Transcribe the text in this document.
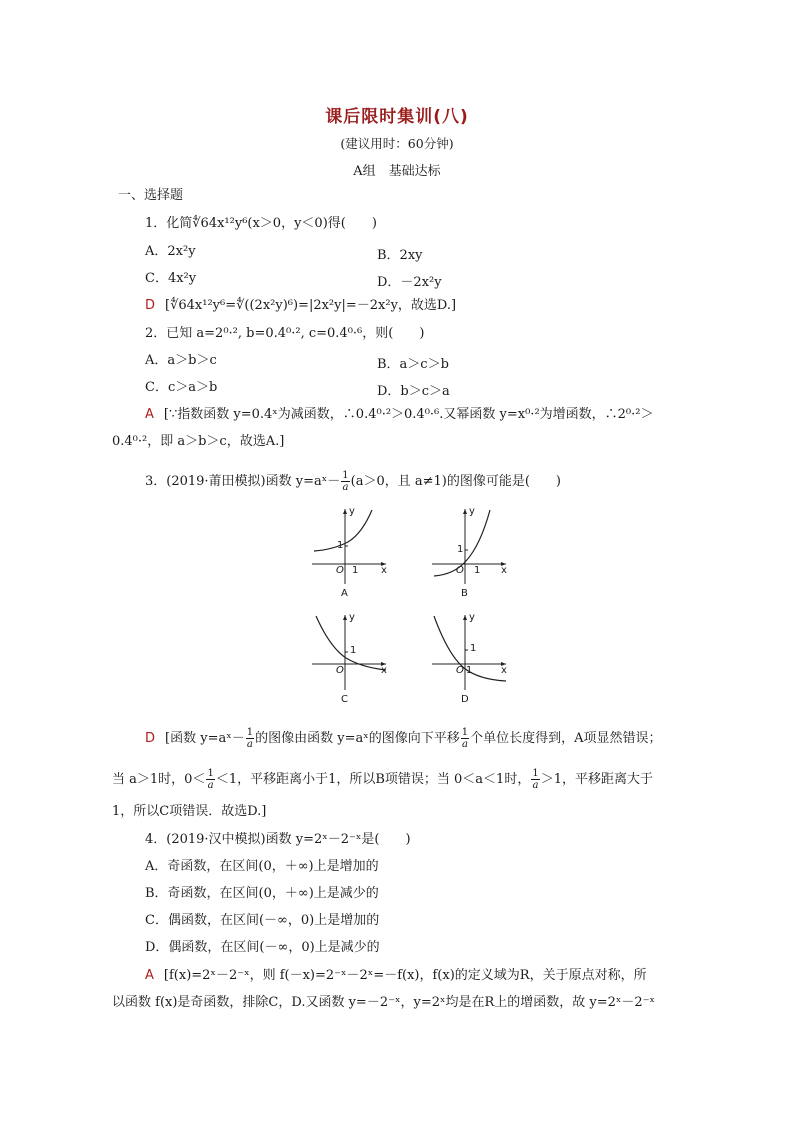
课后限时集训(八)
(建议用时：60分钟)
A组　基础达标
一、选择题
1．化简∜64x¹²y⁶(x＞0，y＜0)得(　　)
A．2x²y	B．2xy
C．4x²y	D．－2x²y
D [∜64x¹²y⁶=∜((2x²y)⁶)=|2x²y|=－2x²y，故选D.]
2．已知 a=2⁰·², b=0.4⁰·², c=0.4⁰·⁶，则(　　)
A．a＞b＞c	B．a＞c＞b
C．c＞a＞b	D．b＞c＞a
A [∵指数函数 y=0.4ˣ为减函数，∴0.4⁰·²＞0.4⁰·⁶.又幂函数 y=x⁰·²为增函数，∴2⁰·²＞
0.4⁰·²，即 a＞b＞c，故选A.]
3．(2019·莆田模拟)函数 y=aˣ－ $\frac{1}{a} (a>0$，且 a≠1)的图像可能是(　　)
y
x
O
1
1
A
y
x
O
1
1
B
y
x
O
1
C
y
x
O 1
1
D
D [函数 y=aˣ－ $\frac{1}{a}$ 的图像由函数 y=aˣ的图像向下平移 $\frac{1}{a}$ 个单位长度得到，A项显然错误；
当 a＞1时，$0< \frac{1}{a} <1$，平移距离小于1，所以B项错误；当 0＜a＜1时， $\frac{1}{a} >1$，平移距离大于
1，所以C项错误．故选D.]
4．(2019·汉中模拟)函数 y=2ˣ－2⁻ˣ是(　　)
A．奇函数，在区间(0，＋∞)上是增加的
B．奇函数，在区间(0，＋∞)上是减少的
C．偶函数，在区间(－∞，0)上是增加的
D．偶函数，在区间(－∞，0)上是减少的
A [f(x)=2ˣ－2⁻ˣ，则 f(－x)=2⁻ˣ－2ˣ=－f(x)，f(x)的定义域为R，关于原点对称，所
以函数 f(x)是奇函数，排除C，D.又函数 y=－2⁻ˣ，y=2ˣ均是在R上的增函数，故 y=2ˣ－2⁻ˣ
